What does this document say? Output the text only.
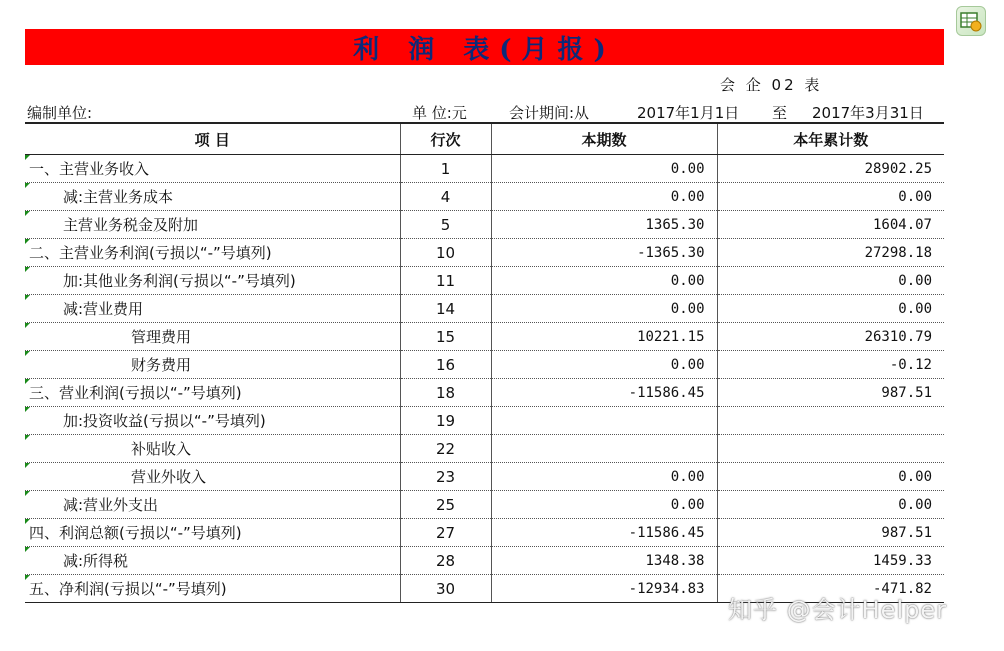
利 润 表(月报)
会 企 02 表
编制单位:	单 位:元	会计期间:从	2017年1月1日 至 2017年3月31日
项 目	行次	本期数	本年累计数

一、主营业务收入	1	0.00	28902.25

减:主营业务成本	4	0.00	0.00

主营业务税金及附加	5	1365.30	1604.07

二、主营业务利润(亏损以“-”号填列)	10	-1365.30	27298.18

加:其他业务利润(亏损以“-”号填列)	11	0.00	0.00

减:营业费用	14	0.00	0.00

管理费用	15	10221.15	26310.79

财务费用	16	0.00	-0.12

三、营业利润(亏损以“-”号填列)	18	-11586.45	987.51

加:投资收益(亏损以“-”号填列)	19		

补贴收入	22		

营业外收入	23	0.00	0.00

减:营业外支出	25	0.00	0.00

四、利润总额(亏损以“-”号填列)	27	-11586.45	987.51

减:所得税	28	1348.38	1459.33

五、净利润(亏损以“-”号填列)	30	-12934.83	-471.82
知乎 @会计Helper
